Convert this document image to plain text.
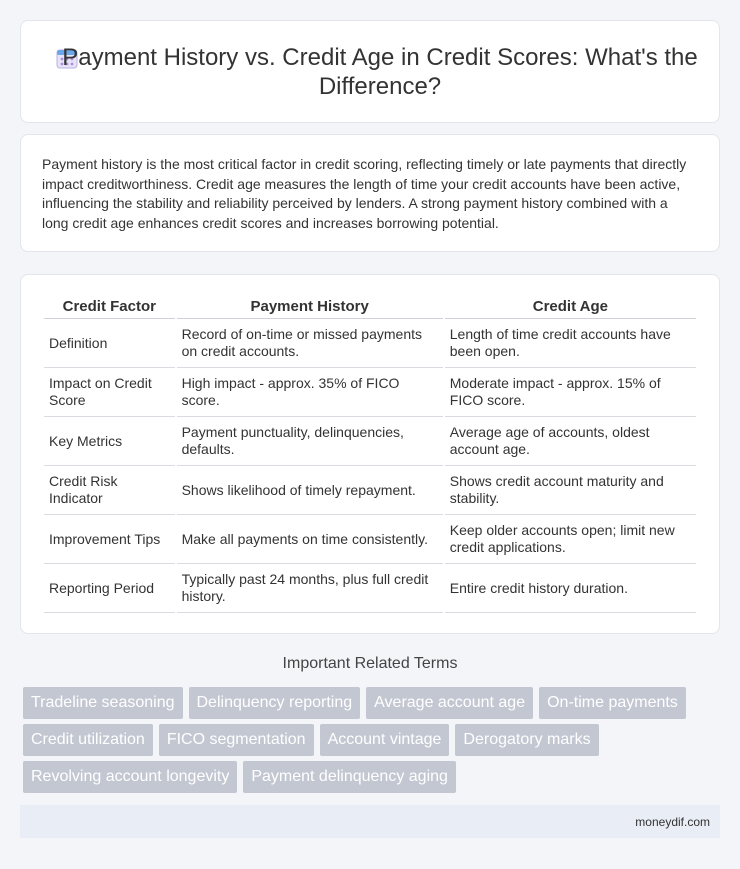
Payment History vs. Credit Age in Credit Scores: What's the Difference?

Payment history is the most critical factor in credit scoring, reflecting timely or late payments that directly impact creditworthiness. Credit age measures the length of time your credit accounts have been active, influencing the stability and reliability perceived by lenders. A strong payment history combined with a long credit age enhances credit scores and increases borrowing potential.

Credit Factor	Payment History	Credit Age
Definition	Record of on-time or missed payments on credit accounts.	Length of time credit accounts have been open.
Impact on Credit Score	High impact - approx. 35% of FICO score.	Moderate impact - approx. 15% of FICO score.
Key Metrics	Payment punctuality, delinquencies, defaults.	Average age of accounts, oldest account age.
Credit Risk Indicator	Shows likelihood of timely repayment.	Shows credit account maturity and stability.
Improvement Tips	Make all payments on time consistently.	Keep older accounts open; limit new credit applications.
Reporting Period	Typically past 24 months, plus full credit history.	Entire credit history duration.
Important Related Terms
Tradeline seasoning	Delinquency reporting	Average account age	On-time payments
Credit utilization	FICO segmentation	Account vintage	Derogatory marks
Revolving account longevity	Payment delinquency aging
moneydif.com
